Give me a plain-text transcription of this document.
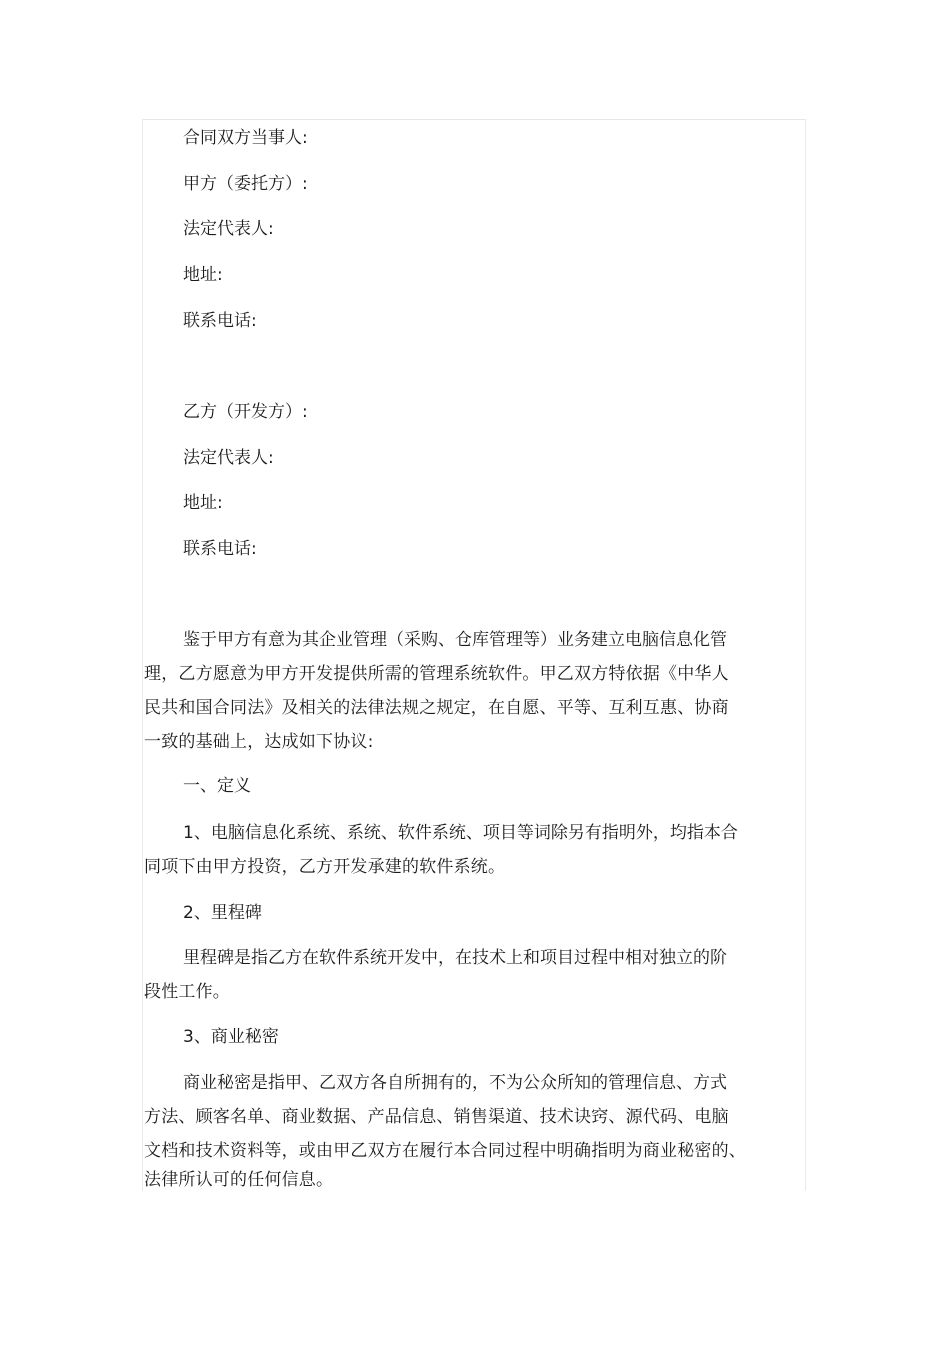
合同双方当事人:
甲方（委托方）:
法定代表人:
地址:
联系电话:
乙方（开发方）:
法定代表人:
地址:
联系电话:
鉴于甲方有意为其企业管理（采购、仓库管理等）业务建立电脑信息化管
理，乙方愿意为甲方开发提供所需的管理系统软件。甲乙双方特依据《中华人
民共和国合同法》及相关的法律法规之规定，在自愿、平等、互利互惠、协商
一致的基础上，达成如下协议:
一、定义
1、电脑信息化系统、系统、软件系统、项目等词除另有指明外，均指本合
同项下由甲方投资，乙方开发承建的软件系统。
2、里程碑
里程碑是指乙方在软件系统开发中，在技术上和项目过程中相对独立的阶
段性工作。
3、商业秘密
商业秘密是指甲、乙双方各自所拥有的，不为公众所知的管理信息、方式
方法、顾客名单、商业数据、产品信息、销售渠道、技术诀窍、源代码、电脑
文档和技术资料等，或由甲乙双方在履行本合同过程中明确指明为商业秘密的、
法律所认可的任何信息。
